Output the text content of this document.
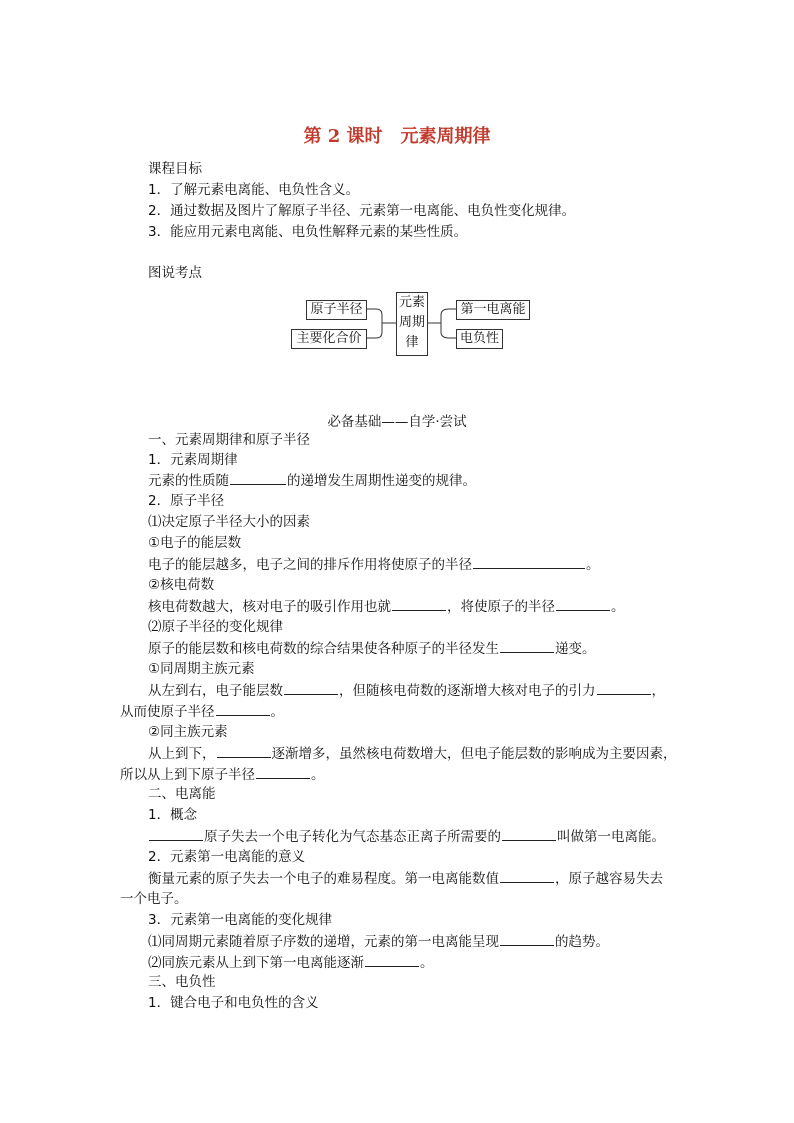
第 2 课时　元素周期律
课程目标
1．了解元素电离能、电负性含义。
2．通过数据及图片了解原子半径、元素第一电离能、电负性变化规律。
3．能应用元素电离能、电负性解释元素的某些性质。
图说考点
原子半径
主要化合价
元素
周期
律
第一电离能
电负性
必备基础——自学·尝试
一、元素周期律和原子半径
1．元素周期律
元素的性质随	的递增发生周期性递变的规律。
2．原子半径
⑴决定原子半径大小的因素
①电子的能层数
电子的能层越多，电子之间的排斥作用将使原子的半径	。
②核电荷数
核电荷数越大，核对电子的吸引作用也就	，将使原子的半径	。
⑵原子半径的变化规律
原子的能层数和核电荷数的综合结果使各种原子的半径发生	递变。
①同周期主族元素
从左到右，电子能层数	，但随核电荷数的逐渐增大核对电子的引力	，
从而使原子半径	。
②同主族元素
从上到下，	逐渐增多，虽然核电荷数增大，但电子能层数的影响成为主要因素，
所以从上到下原子半径	。
二、电离能
1．概念
原子失去一个电子转化为气态基态正离子所需要的	叫做第一电离能。
2．元素第一电离能的意义
衡量元素的原子失去一个电子的难易程度。第一电离能数值	，原子越容易失去
一个电子。
3．元素第一电离能的变化规律
⑴同周期元素随着原子序数的递增，元素的第一电离能呈现	的趋势。
⑵同族元素从上到下第一电离能逐渐	。
三、电负性
1．键合电子和电负性的含义
